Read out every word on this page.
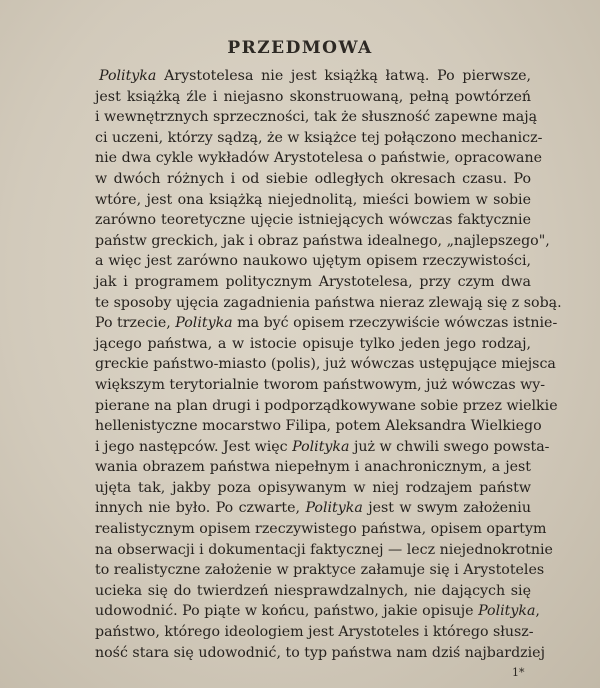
PRZEDMOWA
Polityka Arystotelesa nie jest książką łatwą. Po pierwsze,
jest książką źle i niejasno skonstruowaną, pełną powtórzeń
i wewnętrznych sprzeczności, tak że słuszność zapewne mają
ci uczeni, którzy sądzą, że w książce tej połączono mechanicz-
nie dwa cykle wykładów Arystotelesa o państwie, opracowane
w dwóch różnych i od siebie odległych okresach czasu. Po
wtóre, jest ona książką niejednolitą, mieści bowiem w sobie
zarówno teoretyczne ujęcie istniejących wówczas faktycznie
państw greckich, jak i obraz państwa idealnego, „najlepszego",
a więc jest zarówno naukowo ujętym opisem rzeczywistości,
jak i programem politycznym Arystotelesa, przy czym dwa
te sposoby ujęcia zagadnienia państwa nieraz zlewają się z sobą.
Po trzecie, Polityka ma być opisem rzeczywiście wówczas istnie-
jącego państwa, a w istocie opisuje tylko jeden jego rodzaj,
greckie państwo-miasto (polis), już wówczas ustępujące miejsca
większym terytorialnie tworom państwowym, już wówczas wy-
pierane na plan drugi i podporządkowywane sobie przez wielkie
hellenistyczne mocarstwo Filipa, potem Aleksandra Wielkiego
i jego następców. Jest więc Polityka już w chwili swego powsta-
wania obrazem państwa niepełnym i anachronicznym, a jest
ujęta tak, jakby poza opisywanym w niej rodzajem państw
innych nie było. Po czwarte, Polityka jest w swym założeniu
realistycznym opisem rzeczywistego państwa, opisem opartym
na obserwacji i dokumentacji faktycznej — lecz niejednokrotnie
to realistyczne założenie w praktyce załamuje się i Arystoteles
ucieka się do twierdzeń niesprawdzalnych, nie dających się
udowodnić. Po piąte w końcu, państwo, jakie opisuje Polityka,
państwo, którego ideologiem jest Arystoteles i którego słusz-
ność stara się udowodnić, to typ państwa nam dziś najbardziej
1*
